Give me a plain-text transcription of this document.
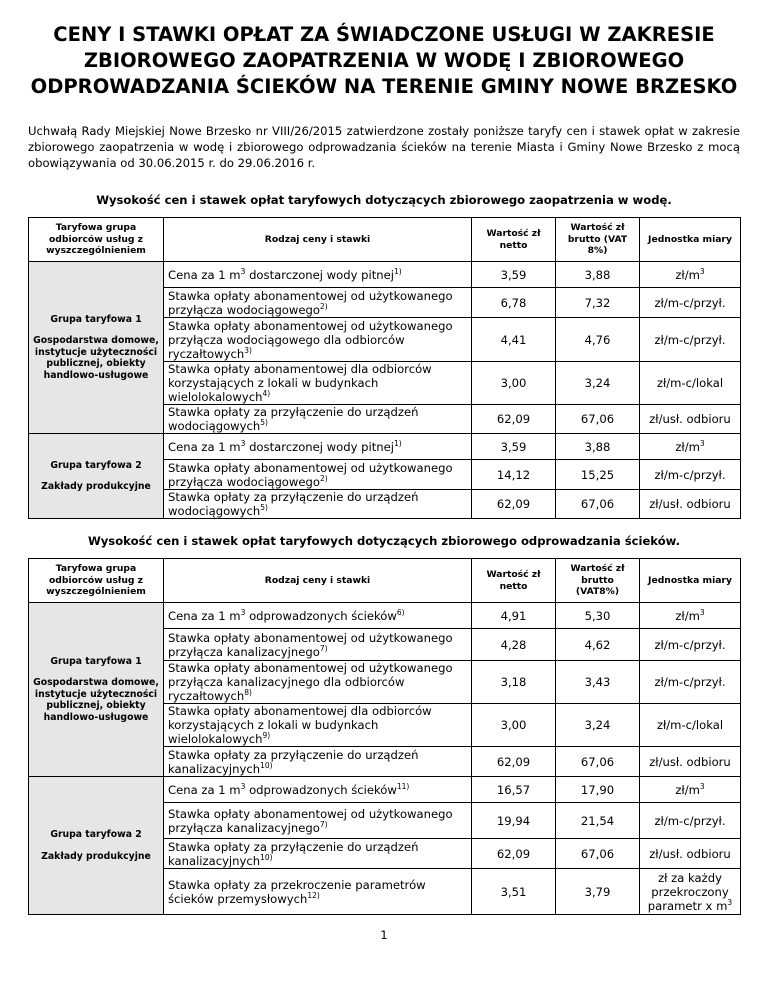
CENY I STAWKI OPŁAT ZA ŚWIADCZONE USŁUGI W ZAKRESIE ZBIOROWEGO ZAOPATRZENIA W WODĘ I ZBIOROWEGO ODPROWADZANIA ŚCIEKÓW NA TERENIE GMINY NOWE BRZESKO

Uchwałą Rady Miejskiej Nowe Brzesko nr VIII/26/2015 zatwierdzone zostały poniższe taryfy cen i stawek opłat w zakresie zbiorowego zaopatrzenia w wodę i zbiorowego odprowadzania ścieków na terenie Miasta i Gminy Nowe Brzesko z mocą obowiązywania od 30.06.2015 r. do 29.06.2016 r.

Wysokość cen i stawek opłat taryfowych dotyczących zbiorowego zaopatrzenia w wodę.

Taryfowa grupa odbiorców usług z wyszczególnieniem	Rodzaj ceny i stawki	Wartość zł netto	Wartość zł brutto (VAT 8%)	Jednostka miary

Grupa taryfowa 1
Gospodarstwa domowe, instytucje użyteczności publicznej, obiekty handlowo-usługowe	Cena za 1 $m^3$ dostarczonej wody pitnej$^{1)}$	3,59	3,88	$zł/m^3$
	Stawka opłaty abonamentowej od użytkowanego przyłącza wodociągowego$^{2)}$	6,78	7,32	zł/m-c/przył.
	Stawka opłaty abonamentowej od użytkowanego przyłącza wodociągowego dla odbiorców ryczałtowych$^{3)}$	4,41	4,76	zł/m-c/przył.
	Stawka opłaty abonamentowej dla odbiorców korzystających z lokali w budynkach wielolokalowych$^{4)}$	3,00	3,24	zł/m-c/lokal
	Stawka opłaty za przyłączenie do urządzeń wodociągowych$^{5)}$	62,09	67,06	zł/usł. odbioru

Grupa taryfowa 2
Zakłady produkcyjne	Cena za 1 $m^3$ dostarczonej wody pitnej$^{1)}$	3,59	3,88	$zł/m^3$
	Stawka opłaty abonamentowej od użytkowanego przyłącza wodociągowego$^{2)}$	14,12	15,25	zł/m-c/przył.
	Stawka opłaty za przyłączenie do urządzeń wodociągowych$^{5)}$	62,09	67,06	zł/usł. odbioru

Wysokość cen i stawek opłat taryfowych dotyczących zbiorowego odprowadzania ścieków.

Taryfowa grupa odbiorców usług z wyszczególnieniem	Rodzaj ceny i stawki	Wartość zł netto	Wartość zł brutto (VAT8%)	Jednostka miary

Grupa taryfowa 1
Gospodarstwa domowe, instytucje użyteczności publicznej, obiekty handlowo-usługowe	Cena za 1 $m^3$ odprowadzonych ścieków$^{6)}$	4,91	5,30	$zł/m^3$
	Stawka opłaty abonamentowej od użytkowanego przyłącza kanalizacyjnego$^{7)}$	4,28	4,62	zł/m-c/przył.
	Stawka opłaty abonamentowej od użytkowanego przyłącza kanalizacyjnego dla odbiorców ryczałtowych$^{8)}$	3,18	3,43	zł/m-c/przył.
	Stawka opłaty abonamentowej dla odbiorców korzystających z lokali w budynkach wielolokalowych$^{9)}$	3,00	3,24	zł/m-c/lokal
	Stawka opłaty za przyłączenie do urządzeń kanalizacyjnych$^{10)}$	62,09	67,06	zł/usł. odbioru

Grupa taryfowa 2
Zakłady produkcyjne	Cena za 1 $m^3$ odprowadzonych ścieków$^{11)}$	16,57	17,90	$zł/m^3$
	Stawka opłaty abonamentowej od użytkowanego przyłącza kanalizacyjnego$^{7)}$	19,94	21,54	zł/m-c/przył.
	Stawka opłaty za przyłączenie do urządzeń kanalizacyjnych$^{10)}$	62,09	67,06	zł/usł. odbioru
	Stawka opłaty za przekroczenie parametrów ścieków przemysłowych$^{12)}$	3,51	3,79	zł za każdy przekroczony parametr x $m^3$

1
